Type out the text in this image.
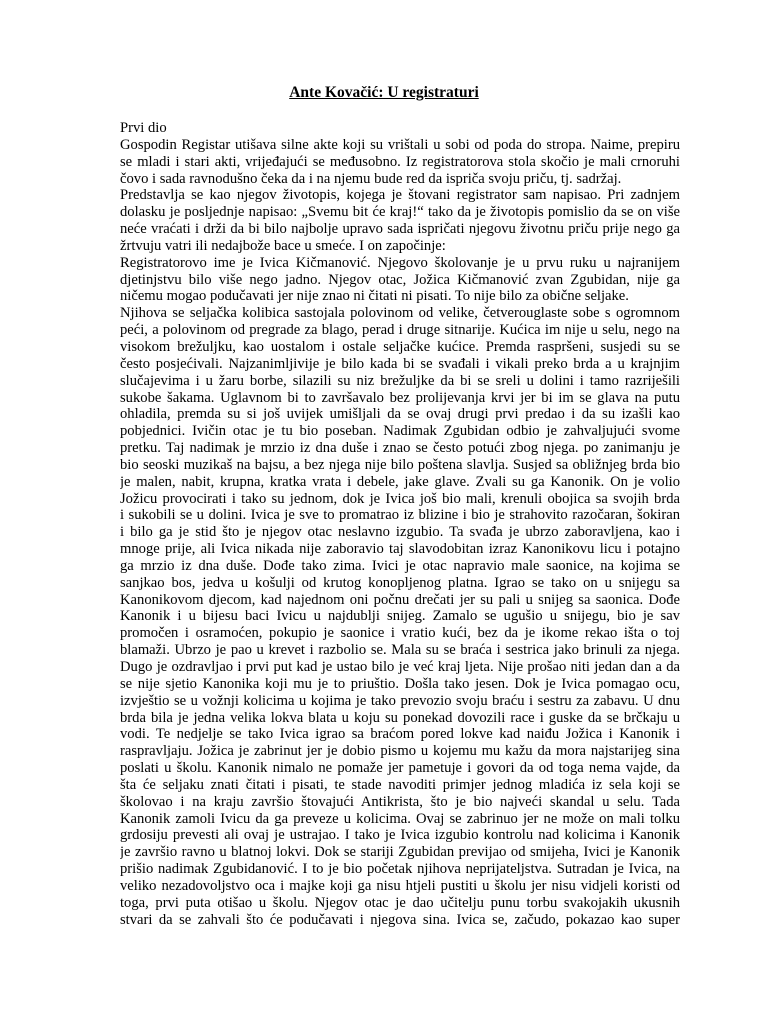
Ante Kovačić: U registraturi
Prvi dio
Gospodin Registar utišava silne akte koji su vrištali u sobi od poda do stropa. Naime, prepiru
se mladi i stari akti, vrijeđajući se međusobno. Iz registratorova stola skočio je mali crnoruhi
čovo i sada ravnodušno čeka da i na njemu bude red da ispriča svoju priču, tj. sadržaj.
Predstavlja se kao njegov životopis, kojega je štovani registrator sam napisao. Pri zadnjem
dolasku je posljednje napisao: „Svemu bit će kraj!“ tako da je životopis pomislio da se on više
neće vraćati i drži da bi bilo najbolje upravo sada ispričati njegovu životnu priču prije nego ga
žrtvuju vatri ili nedajbože bace u smeće. I on započinje:
Registratorovo ime je Ivica Kičmanović. Njegovo školovanje je u prvu ruku u najranijem
djetinjstvu bilo više nego jadno. Njegov otac, Jožica Kičmanović zvan Zgubidan, nije ga
ničemu mogao podučavati jer nije znao ni čitati ni pisati. To nije bilo za obične seljake.
Njihova se seljačka kolibica sastojala polovinom od velike, četverouglaste sobe s ogromnom
peći, a polovinom od pregrade za blago, perad i druge sitnarije. Kućica im nije u selu, nego na
visokom brežuljku, kao uostalom i ostale seljačke kućice. Premda raspršeni, susjedi su se
često posjećivali. Najzanimljivije je bilo kada bi se svađali i vikali preko brda a u krajnjim
slučajevima i u žaru borbe, silazili su niz brežuljke da bi se sreli u dolini i tamo razriješili
sukobe šakama. Uglavnom bi to završavalo bez prolijevanja krvi jer bi im se glava na putu
ohladila, premda su si još uvijek umišljali da se ovaj drugi prvi predao i da su izašli kao
pobjednici. Ivičin otac je tu bio poseban. Nadimak Zgubidan odbio je zahvaljujući svome
pretku. Taj nadimak je mrzio iz dna duše i znao se često potući zbog njega. po zanimanju je
bio seoski muzikaš na bajsu, a bez njega nije bilo poštena slavlja. Susjed sa obližnjeg brda bio
je malen, nabit, krupna, kratka vrata i debele, jake glave. Zvali su ga Kanonik. On je volio
Jožicu provocirati i tako su jednom, dok je Ivica još bio mali, krenuli obojica sa svojih brda
i sukobili se u dolini. Ivica je sve to promatrao iz blizine i bio je strahovito razočaran, šokiran
i bilo ga je stid što je njegov otac neslavno izgubio. Ta svađa je ubrzo zaboravljena, kao i
mnoge prije, ali Ivica nikada nije zaboravio taj slavodobitan izraz Kanonikovu licu i potajno
ga mrzio iz dna duše. Dođe tako zima. Ivici je otac napravio male saonice, na kojima se
sanjkao bos, jedva u košulji od krutog konopljenog platna. Igrao se tako on u snijegu sa
Kanonikovom djecom, kad najednom oni počnu drečati jer su pali u snijeg sa saonica. Dođe
Kanonik i u bijesu baci Ivicu u najdublji snijeg. Zamalo se ugušio u snijegu, bio je sav
promočen i osramoćen, pokupio je saonice i vratio kući, bez da je ikome rekao išta o toj
blamaži. Ubrzo je pao u krevet i razbolio se. Mala su se braća i sestrica jako brinuli za njega.
Dugo je ozdravljao i prvi put kad je ustao bilo je već kraj ljeta. Nije prošao niti jedan dan a da
se nije sjetio Kanonika koji mu je to priuštio. Došla tako jesen. Dok je Ivica pomagao ocu,
izvještio se u vožnji kolicima u kojima je tako prevozio svoju braću i sestru za zabavu. U dnu
brda bila je jedna velika lokva blata u koju su ponekad dovozili race i guske da se brčkaju u
vodi. Te nedjelje se tako Ivica igrao sa braćom pored lokve kad naiđu Jožica i Kanonik i
raspravljaju. Jožica je zabrinut jer je dobio pismo u kojemu mu kažu da mora najstarijeg sina
poslati u školu. Kanonik nimalo ne pomaže jer pametuje i govori da od toga nema vajde, da
šta će seljaku znati čitati i pisati, te stade navoditi primjer jednog mladića iz sela koji se
školovao i na kraju završio štovajući Antikrista, što je bio najveći skandal u selu. Tada
Kanonik zamoli Ivicu da ga preveze u kolicima. Ovaj se zabrinuo jer ne može on mali tolku
grdosiju prevesti ali ovaj je ustrajao. I tako je Ivica izgubio kontrolu nad kolicima i Kanonik
je završio ravno u blatnoj lokvi. Dok se stariji Zgubidan previjao od smijeha, Ivici je Kanonik
prišio nadimak Zgubidanović. I to je bio početak njihova neprijateljstva. Sutradan je Ivica, na
veliko nezadovoljstvo oca i majke koji ga nisu htjeli pustiti u školu jer nisu vidjeli koristi od
toga, prvi puta otišao u školu. Njegov otac je dao učitelju punu torbu svakojakih ukusnih
stvari da se zahvali što će podučavati i njegova sina. Ivica se, začudo, pokazao kao super
